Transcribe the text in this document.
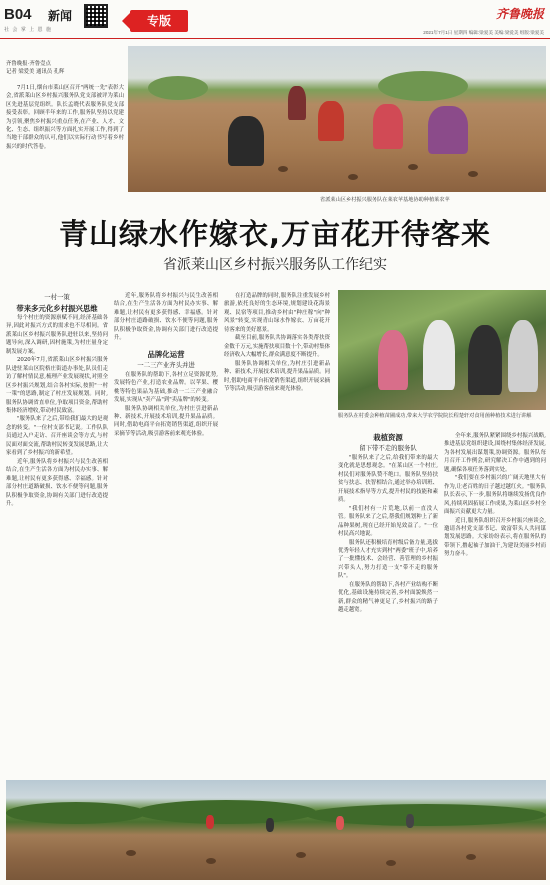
B04 新闻
社 会 掌 上 恩 施
专版	齐鲁晚报
2021年7月1日 星期四 编辑:梁爱美 美编:梁爱美 组版:梁爱美
齐鲁晚报·齐鲁壹点
记者 梁爱美 通讯员 孔辉
7月1日,烟台市莱山区召开"两统一先"表彰大会,省派莱山区乡村振兴服务队党支部被评为莱山区先进基层党组织。队长孟晓代表服务队党支部接受表彰。回顾半年来的工作,服务队坚持以党建为引领,聚焦乡村振兴重点任务,在产业、人才、文化、生态、组织振兴等方面扎实开展工作,得到了当地干部群众的认可,他们以实际行动书写着乡村振兴的时代答卷。
省派莱山区乡村振兴服务队在莱农苹基地协助种植莱农苹
青山绿水作嫁衣,万亩花开待客来
省派莱山区乡村振兴服务队工作纪实
一村一策
带来多元化乡村振兴思维

每个村庄的资源禀赋不同,经济基础各异,因此对振兴方式的需求也不尽相同。省派莱山区乡村振兴服务队进驻以来,坚持问题导向,深入调研,因村施策,为村庄量身定制发展方案。

2020年7月,省派莱山区乡村振兴服务队进驻莱山区院格庄街道办事处,队员们走访了解村情民意,梳理产业发展现状,对照全区乡村振兴规划,结合各村实际,按照"一村一策"的思路,制定了村庄发展规划。同时,服务队协调省直单位,争取项目资金,帮助村集体经济增收,带动村民致富。

"服务队来了之后,带给我们最大的是观念的转变。"一位村支部书记说。工作队队员通过入户走访、召开座谈会等方式,与村民面对面交流,帮助村民转变发展思路,让大家看到了乡村振兴的新希望。

近年,服务队将乡村振兴与民生改善相结合,在生产生活各方面为村民办实事、解难题,让村民有更多获得感、幸福感。针对部分村庄道路破损、饮水不便等问题,服务队积极争取资金,协调有关部门进行改造提升。

近年,服务队将乡村振兴与民生改善相结合,在生产生活各方面为村民办实事、解难题,让村民有更多获得感、幸福感。针对部分村庄道路破损、饮水不便等问题,服务队积极争取资金,协调有关部门进行改造提升。

品牌化运营
一二三产业齐头并进

在服务队的帮助下,各村立足资源优势,发展特色产业,打造农业品牌。以苹果、樱桃等特色果品为基础,推动一二三产业融合发展,实现从"卖产品"到"卖品牌"的转变。

服务队协调相关单位,为村庄引进新品种、新技术,开展技术培训,提升果品品质。同时,借助电商平台拓宽销售渠道,组织开展采摘节等活动,吸引游客前来观光体验。

在打造品牌的同时,服务队注重发展乡村旅游,依托良好的生态环境,规划建设花海景观、民宿等项目,推动乡村由"种庄稼"向"种风景"转变,实现青山绿水作嫁衣、万亩花开待客来的美好愿景。

截至目前,服务队共协调落实各类帮扶资金数千万元,实施帮扶项目数十个,带动村集体经济收入大幅增长,群众满意度不断提升。

服务队协调相关单位,为村庄引进新品种、新技术,开展技术培训,提升果品品质。同时,借助电商平台拓宽销售渠道,组织开展采摘节等活动,吸引游客前来观光体验。

服务队在村委会种植苗圃成功,带来大学农学院院长程楚轩对食用菌种植技术进行讲解
栽植资源
留下带不走的服务队

"服务队来了之后,给我们带来的最大变化就是思想观念。"在莱山区一个村庄,村民们对服务队赞不绝口。服务队坚持扶贫与扶志、扶智相结合,通过举办培训班、开展技术指导等方式,提升村民的技能和素质。

"我们村有一片荒地,以前一直没人管。服务队来了之后,帮我们规划种上了新品种果树,现在已经开始见效益了。"一位村民高兴地说。

服务队还积极培育村级后备力量,选拔优秀年轻人才充实到村"两委"班子中,培养了一批懂技术、会经营、善管理的乡村振兴带头人,努力打造一支"带不走的服务队"。

在服务队的帮助下,各村产业结构不断优化,基础设施持续完善,乡村面貌焕然一新,群众的精气神更足了,乡村振兴的路子越走越宽。

全年来,服务队紧紧围绕乡村振兴战略,推进基层党组织建设,围绕村集体经济发展,为各村发展出谋划策,协调资源。服务队每月召开工作例会,研究解决工作中遇到的问题,确保各项任务落到实处。

"我们要在乡村振兴的广阔天地里大有作为,让老百姓的日子越过越红火。"服务队队长表示,下一步,服务队将继续发扬优良作风,持续巩固拓展工作成果,为莱山区乡村全面振兴贡献更大力量。

近日,服务队组织召开乡村振兴座谈会,邀请各村党支部书记、致富带头人共同谋划发展思路。大家纷纷表示,将在服务队的带领下,撸起袖子加油干,为建设美丽乡村而努力奋斗。
